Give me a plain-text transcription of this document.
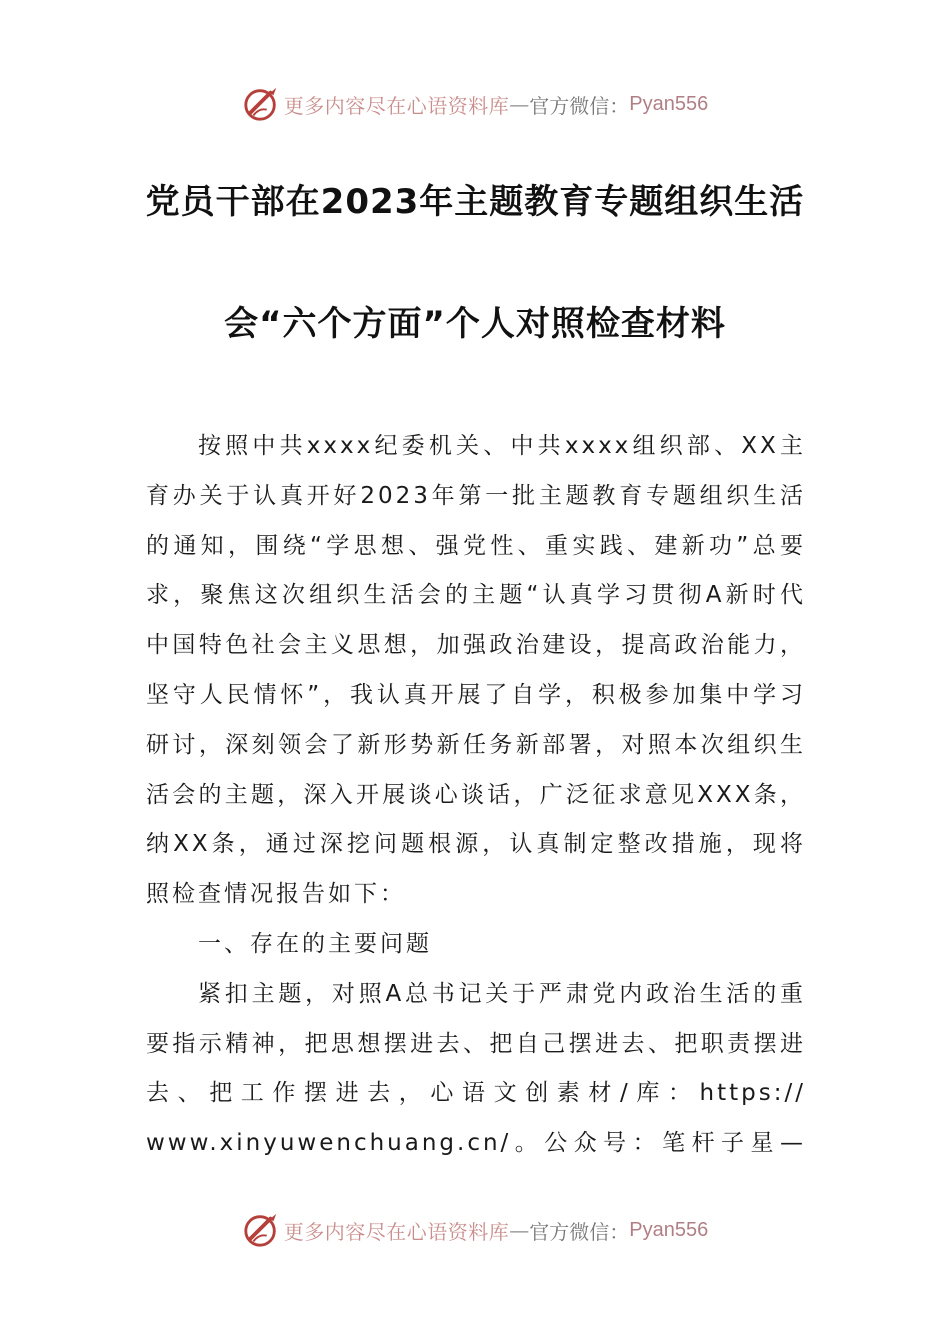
更多内容尽在心语资料库 — 官方微信： Pyan556
党员干部在2023年主题教育专题组织生活
会“六个方面”个人对照检查材料
按照中共xxxx纪委机关、中共xxxx组织部、XX主
育办关于认真开好2023年第一批主题教育专题组织生活
的通知，围绕“学思想、强党性、重实践、建新功”总要
求，聚焦这次组织生活会的主题“认真学习贯彻A新时代
中国特色社会主义思想，加强政治建设，提高政治能力，
坚守人民情怀”，我认真开展了自学，积极参加集中学习
研讨，深刻领会了新形势新任务新部署，对照本次组织生
活会的主题，深入开展谈心谈话，广泛征求意见XXX条，
纳XX条，通过深挖问题根源，认真制定整改措施，现将
照检查情况报告如下：
一、存在的主要问题
紧扣主题，对照A总书记关于严肃党内政治生活的重
要指示精神，把思想摆进去、把自己摆进去、把职责摆进
去、把工作摆进去，心语文创素材/库：https://
www.xinyuwenchuang.cn/。公众号：笔杆子星—
更多内容尽在心语资料库 — 官方微信： Pyan556
